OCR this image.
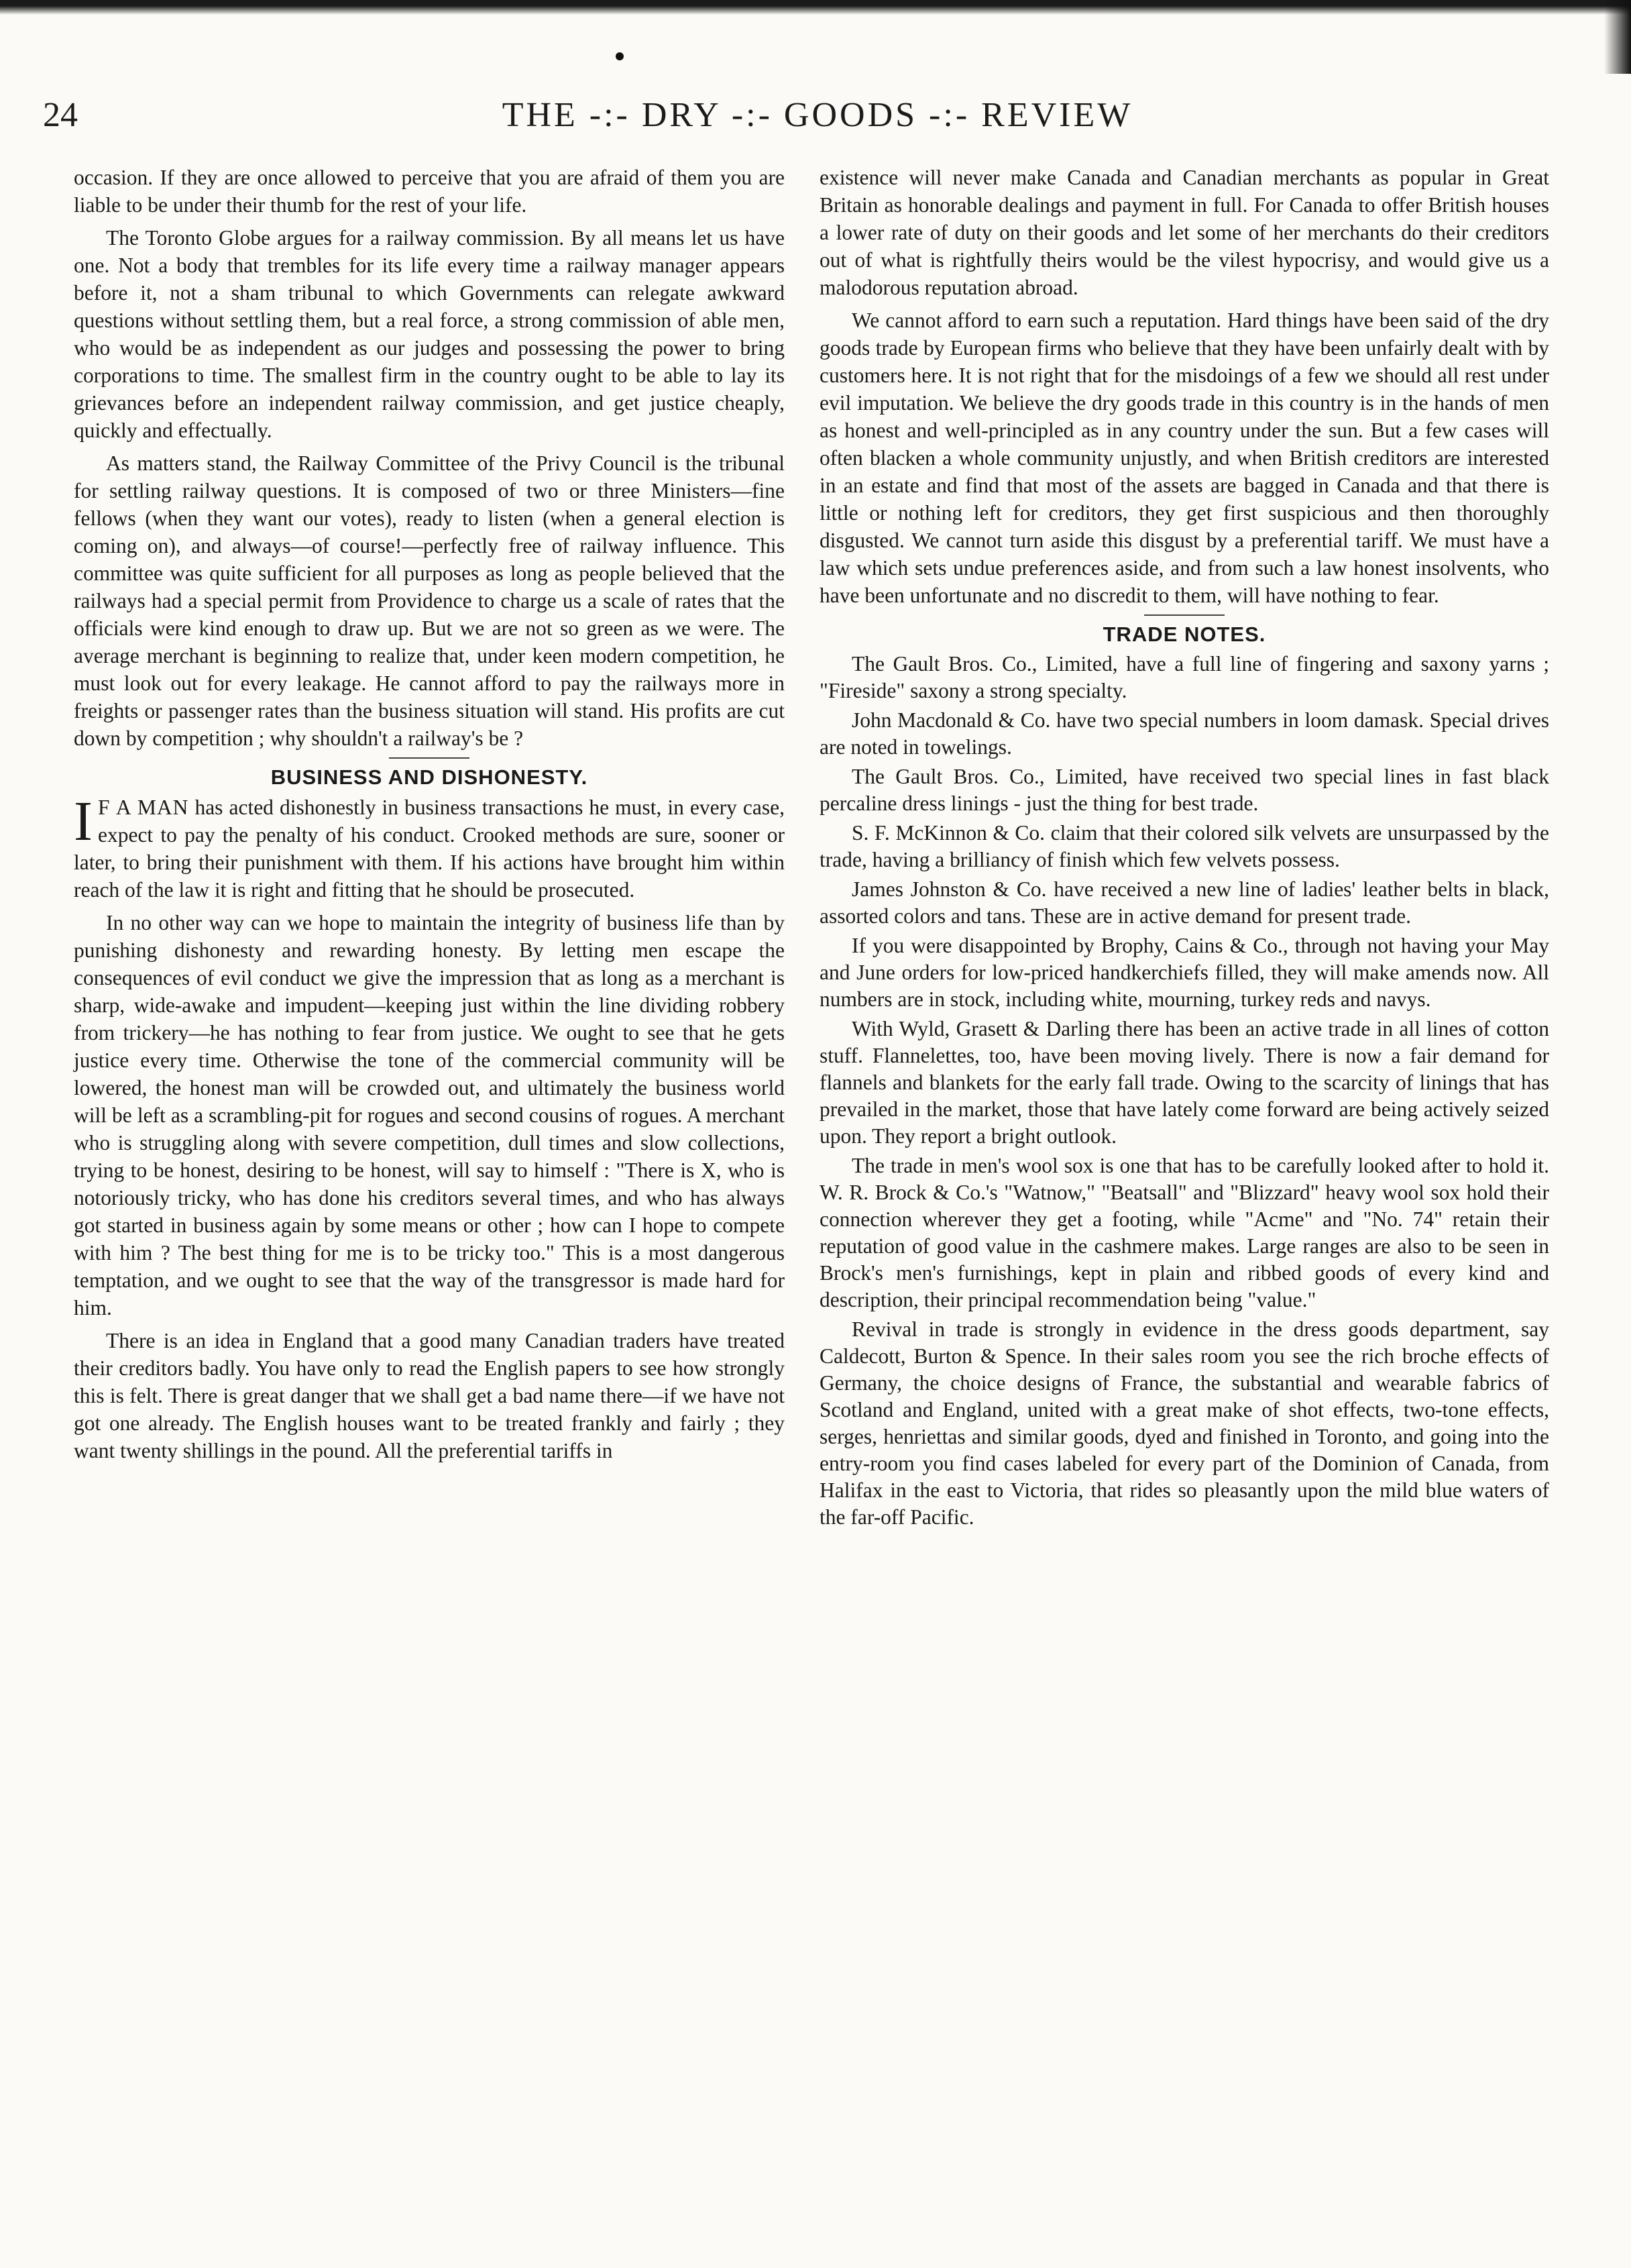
24	THE -:- DRY -:- GOODS -:- REVIEW

occasion. If they are once allowed to perceive that you are afraid of them you are liable to be under their thumb for the rest of your life.

The Toronto Globe argues for a railway commission. By all means let us have one. Not a body that trembles for its life every time a railway manager appears before it, not a sham tribunal to which Governments can relegate awkward questions without settling them, but a real force, a strong commission of able men, who would be as independent as our judges and possessing the power to bring corporations to time. The smallest firm in the country ought to be able to lay its grievances before an independent railway commission, and get justice cheaply, quickly and effectually.

As matters stand, the Railway Committee of the Privy Council is the tribunal for settling railway questions. It is composed of two or three Ministers—fine fellows (when they want our votes), ready to listen (when a general election is coming on), and always—of course!—perfectly free of railway influence. This committee was quite sufficient for all purposes as long as people believed that the railways had a special permit from Providence to charge us a scale of rates that the officials were kind enough to draw up. But we are not so green as we were. The average merchant is beginning to realize that, under keen modern competition, he must look out for every leakage. He cannot afford to pay the railways more in freights or passenger rates than the business situation will stand. His profits are cut down by competition ; why shouldn't a railway's be ?

BUSINESS AND DISHONESTY.

I F A MAN has acted dishonestly in business transactions he must, in every case, expect to pay the penalty of his conduct. Crooked methods are sure, sooner or later, to bring their punishment with them. If his actions have brought him within reach of the law it is right and fitting that he should be prosecuted.

In no other way can we hope to maintain the integrity of business life than by punishing dishonesty and rewarding honesty. By letting men escape the consequences of evil conduct we give the impression that as long as a merchant is sharp, wide-awake and impudent—keeping just within the line dividing robbery from trickery—he has nothing to fear from justice. We ought to see that he gets justice every time. Otherwise the tone of the commercial community will be lowered, the honest man will be crowded out, and ultimately the business world will be left as a scrambling-pit for rogues and second cousins of rogues. A merchant who is struggling along with severe competition, dull times and slow collections, trying to be honest, desiring to be honest, will say to himself : "There is X, who is notoriously tricky, who has done his creditors several times, and who has always got started in business again by some means or other ; how can I hope to compete with him ? The best thing for me is to be tricky too." This is a most dangerous temptation, and we ought to see that the way of the transgressor is made hard for him.

There is an idea in England that a good many Canadian traders have treated their creditors badly. You have only to read the English papers to see how strongly this is felt. There is great danger that we shall get a bad name there—if we have not got one already. The English houses want to be treated frankly and fairly ; they want twenty shillings in the pound. All the preferential tariffs in

existence will never make Canada and Canadian merchants as popular in Great Britain as honorable dealings and payment in full. For Canada to offer British houses a lower rate of duty on their goods and let some of her merchants do their creditors out of what is rightfully theirs would be the vilest hypocrisy, and would give us a malodorous reputation abroad.

We cannot afford to earn such a reputation. Hard things have been said of the dry goods trade by European firms who believe that they have been unfairly dealt with by customers here. It is not right that for the misdoings of a few we should all rest under evil imputation. We believe the dry goods trade in this country is in the hands of men as honest and well-principled as in any country under the sun. But a few cases will often blacken a whole community unjustly, and when British creditors are interested in an estate and find that most of the assets are bagged in Canada and that there is little or nothing left for creditors, they get first suspicious and then thoroughly disgusted. We cannot turn aside this disgust by a preferential tariff. We must have a law which sets undue preferences aside, and from such a law honest insolvents, who have been unfortunate and no discredit to them, will have nothing to fear.

TRADE NOTES.

The Gault Bros. Co., Limited, have a full line of fingering and saxony yarns ; "Fireside" saxony a strong specialty.

John Macdonald & Co. have two special numbers in loom damask. Special drives are noted in towelings.

The Gault Bros. Co., Limited, have received two special lines in fast black percaline dress linings - just the thing for best trade.

S. F. McKinnon & Co. claim that their colored silk velvets are unsurpassed by the trade, having a brilliancy of finish which few velvets possess.

James Johnston & Co. have received a new line of ladies' leather belts in black, assorted colors and tans. These are in active demand for present trade.

If you were disappointed by Brophy, Cains & Co., through not having your May and June orders for low-priced handkerchiefs filled, they will make amends now. All numbers are in stock, including white, mourning, turkey reds and navys.

With Wyld, Grasett & Darling there has been an active trade in all lines of cotton stuff. Flannelettes, too, have been moving lively. There is now a fair demand for flannels and blankets for the early fall trade. Owing to the scarcity of linings that has prevailed in the market, those that have lately come forward are being actively seized upon. They report a bright outlook.

The trade in men's wool sox is one that has to be carefully looked after to hold it. W. R. Brock & Co.'s "Watnow," "Beatsall" and "Blizzard" heavy wool sox hold their connection wherever they get a footing, while "Acme" and "No. 74" retain their reputation of good value in the cashmere makes. Large ranges are also to be seen in Brock's men's furnishings, kept in plain and ribbed goods of every kind and description, their principal recommendation being "value."

Revival in trade is strongly in evidence in the dress goods department, say Caldecott, Burton & Spence. In their sales room you see the rich broche effects of Germany, the choice designs of France, the substantial and wearable fabrics of Scotland and England, united with a great make of shot effects, two-tone effects, serges, henriettas and similar goods, dyed and finished in Toronto, and going into the entry-room you find cases labeled for every part of the Dominion of Canada, from Halifax in the east to Victoria, that rides so pleasantly upon the mild blue waters of the far-off Pacific.
